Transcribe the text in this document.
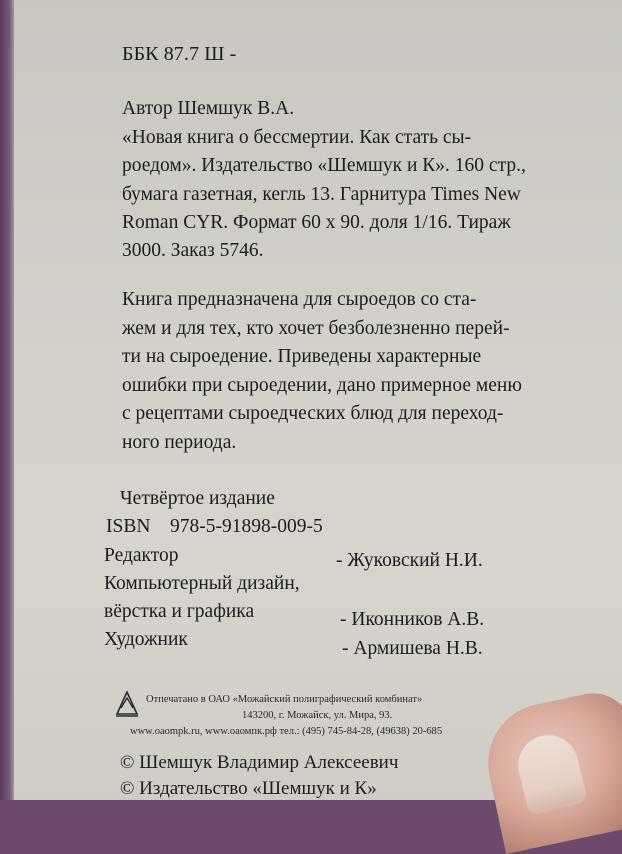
ББК 87.7 Ш -
Автор Шемшук В.А.
«Новая книга о бессмертии. Как стать сы-
роедом». Издательство «Шемшук и К». 160 стр.,
бумага газетная, кегль 13. Гарнитура Times New
Roman CYR. Формат 60 х 90. доля 1/16. Тираж
3000. Заказ 5746.
Книга предназначена для сыроедов со ста-
жем и для тех, кто хочет безболезненно перей-
ти на сыроедение. Приведены характерные
ошибки при сыроедении, дано примерное меню
с рецептами сыроедческих блюд для переход-
ного периода.
Четвёртое издание
ISBN 978-5-91898-009-5
Редактор	- Жуковский Н.И.
Компьютерный дизайн,
вёрстка и графика	- Иконников А.В.
Художник	- Армишева Н.В.
Отпечатано в ОАО «Можайский полиграфический комбинат»
143200, г. Можайск, ул. Мира, 93.
www.oaompk.ru, www.оаомпк.рф тел.: (495) 745-84-28, (49638) 20-685
© Шемшук Владимир Алексеевич
© Издательство «Шемшук и К»
